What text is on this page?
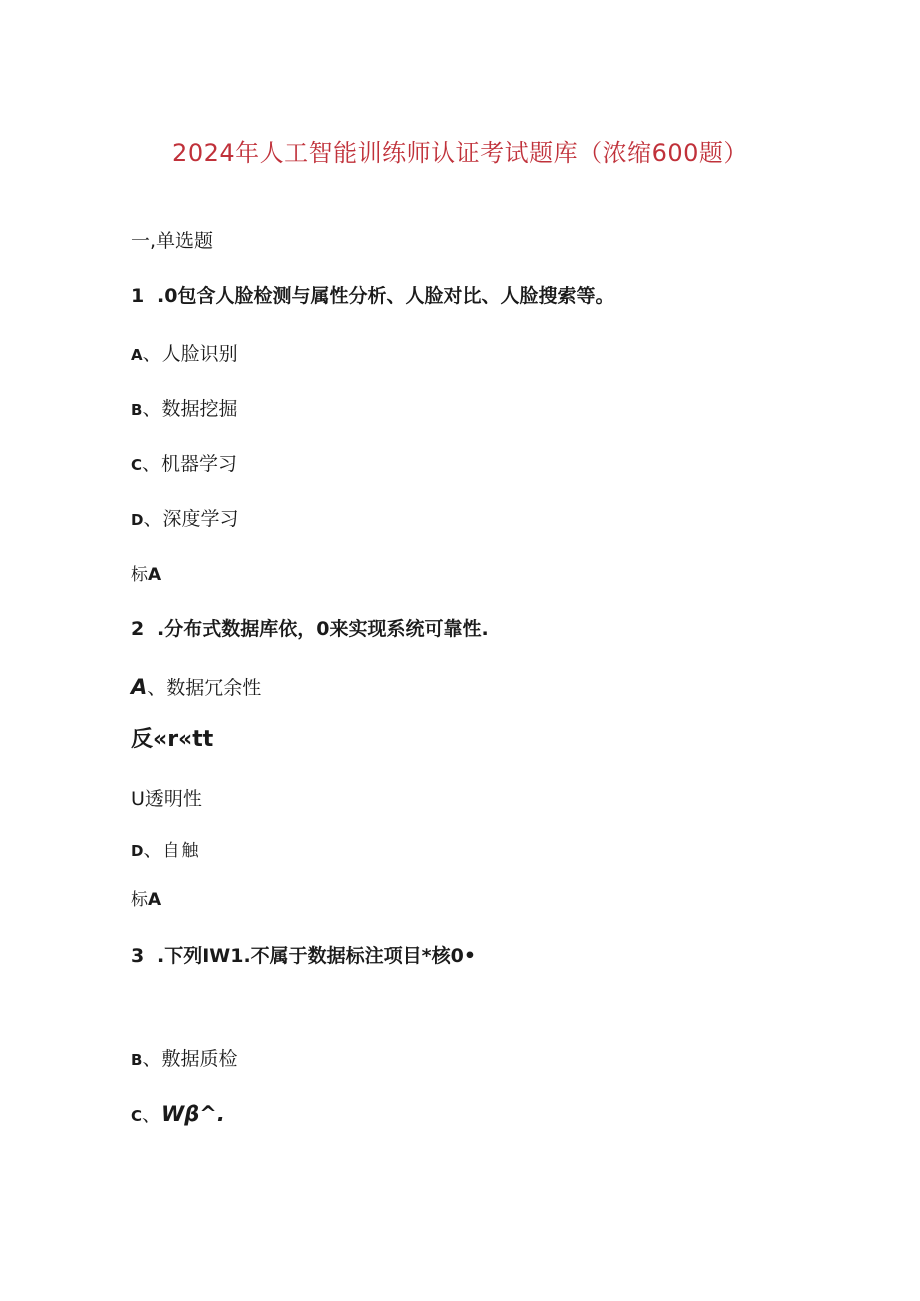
2024年人工智能训练师认证考试题库（浓缩600题）
一,单选题
1 .0包含人脸检测与属性分析、人脸对比、人脸搜索等。
A、人脸识别
B、数据挖掘
C、机器学习
D、深度学习
标A
2 .分布式数据库依，0来实现系统可靠性.
A、数据冗余性
反«r«tt
U透明性
D、自触
标A
3 .下列IW1.不属于数据标注项目*核0•
B、敷据质检
C、Wβ^.
